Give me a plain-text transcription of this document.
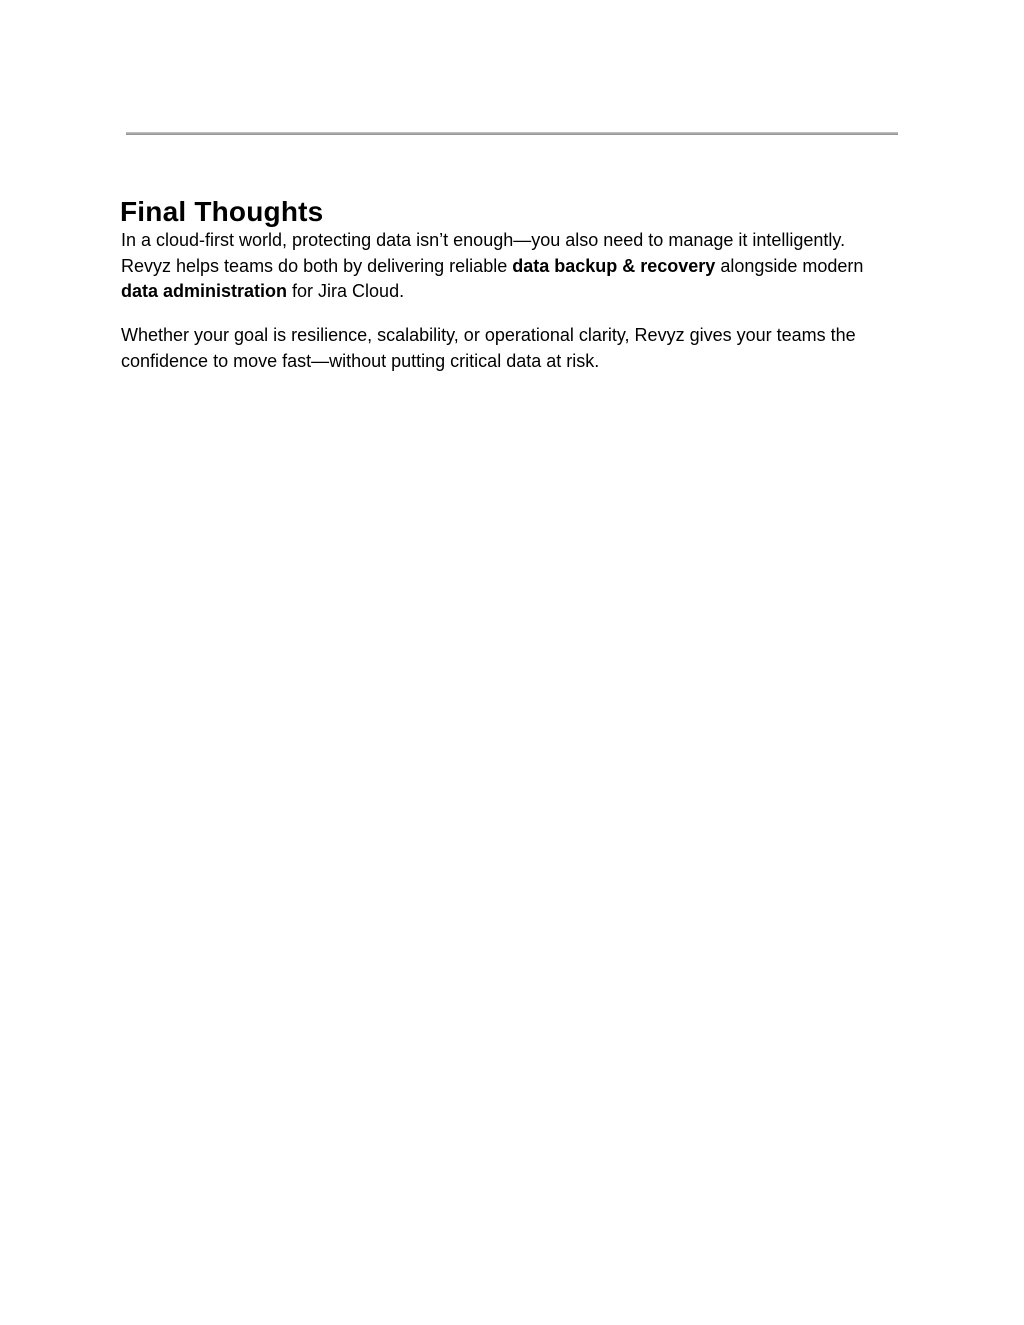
Final Thoughts
In a cloud-first world, protecting data isn’t enough—you also need to manage it intelligently.
Revyz helps teams do both by delivering reliable data backup & recovery alongside modern
data administration for Jira Cloud.
Whether your goal is resilience, scalability, or operational clarity, Revyz gives your teams the
confidence to move fast—without putting critical data at risk.
